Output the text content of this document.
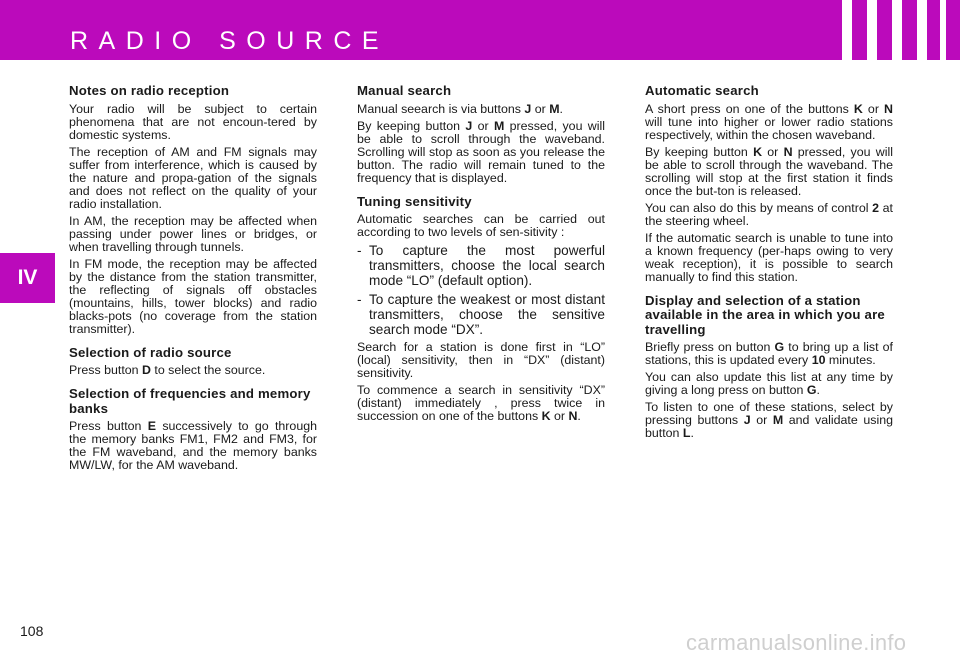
RADIO SOURCE
IV
Notes on radio reception

Your radio will be subject to certain phenomena that are not encoun-tered by domestic systems.

The reception of AM and FM signals may suffer from interference, which is caused by the nature and propa-gation of the signals and does not reflect on the quality of your radio installation.

In AM, the reception may be affected when passing under power lines or bridges, or when travelling through tunnels.

In FM mode, the reception may be affected by the distance from the station transmitter, the reflecting of signals off obstacles (mountains, hills, tower blocks) and radio blacks-pots (no coverage from the station transmitter).

Selection of radio source

Press button D to select the source.

Selection of frequencies and memory banks

Press button E successively to go through the memory banks FM1, FM2 and FM3, for the FM waveband, and the memory banks MW/LW, for the AM waveband.

Manual search

Manual seearch is via buttons J or M.

By keeping button J or M pressed, you will be able to scroll through the waveband. Scrolling will stop as soon as you release the button. The radio will remain tuned to the frequency that is displayed.

Tuning sensitivity

Automatic searches can be carried out according to two levels of sen-sitivity :

- To capture the most powerful transmitters, choose the local search mode “LO” (default option).
- To capture the weakest or most distant transmitters, choose the sensitive search mode “DX”.

Search for a station is done first in “LO” (local) sensitivity, then in “DX” (distant) sensitivity.

To commence a search in sensitivity “DX” (distant) immediately , press twice in succession on one of the buttons K or N.

Automatic search

A short press on one of the buttons K or N will tune into higher or lower radio stations respectively, within the chosen waveband.

By keeping button K or N pressed, you will be able to scroll through the waveband. The scrolling will stop at the first station it finds once the but-ton is released.

You can also do this by means of control 2 at the steering wheel.

If the automatic search is unable to tune into a known frequency (per-haps owing to very weak reception), it is possible to search manually to find this station.

Display and selection of a station available in the area in which you are travelling

Briefly press on button G to bring up a list of stations, this is updated every 10 minutes.

You can also update this list at any time by giving a long press on button G.

To listen to one of these stations, select by pressing buttons J or M and validate using button L.

108	carmanualsonline.info
